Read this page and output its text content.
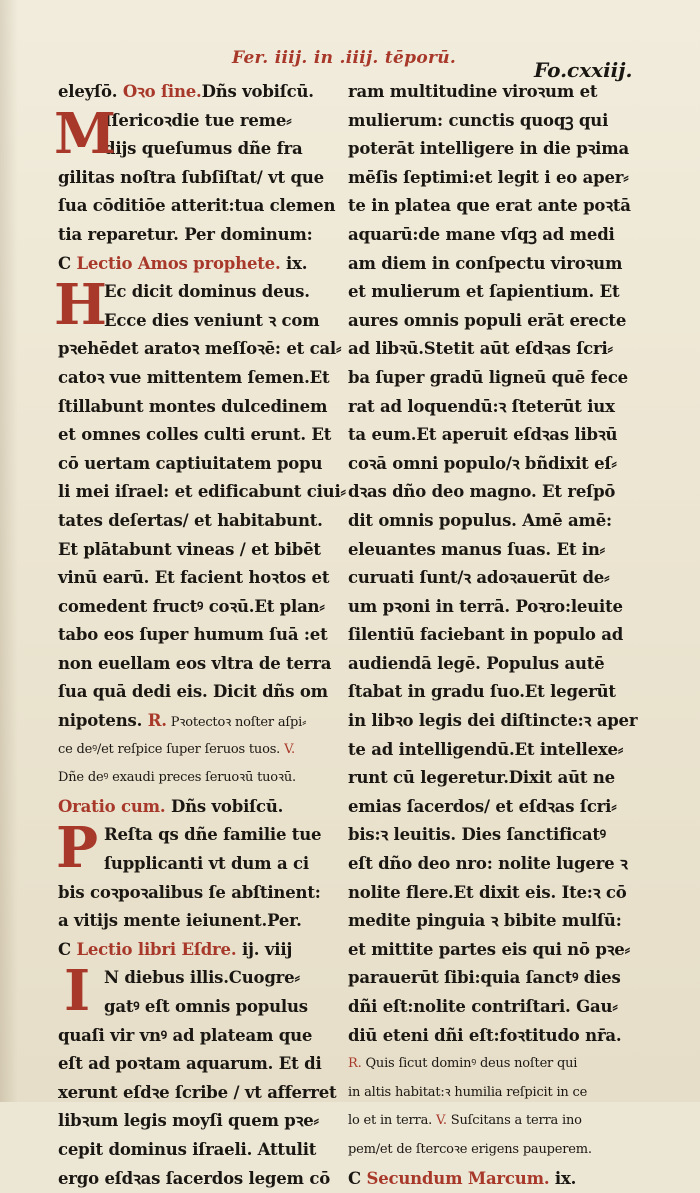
Fer. iiij. in .iiij. tēporū.	Fo.cxxiij.
eleyſō. Oꝛo ſine.Dñs vobiſcū.
M
Iſericoꝛdie tue reme⸗
dijs queſumus dñe fra
gilitas noſtra ſubſiſtat/ vt que
ſua cōditiōe atterit:tua clemen
tia reparetur. Per dominum:
C Lectio Amos prophete. ix.
H
Ec dicit dominus deus.
Ecce dies veniunt ꝛ com
pꝛehēdet aratoꝛ meſſoꝛē: et cal⸗
catoꝛ vue mittentem ſemen.Et
ſtillabunt montes dulcedinem
et omnes colles culti erunt. Et
cō uertam captiuitatem popu
li mei iſrael: et edificabunt ciui⸗
tates deſertas/ et habitabunt.
Et plātabunt vineas / et bibēt
vinū earū. Et facient hoꝛtos et
comedent fructꝰ coꝛū.Et plan⸗
tabo eos ſuper humum ſuā :et
non euellam eos vltra de terra
ſua quā dedi eis. Dicit dñs om
nipotens. R. Pꝛotectoꝛ noſter aſpi⸗
ce deꝰ/et reſpice ſuper ſeruos tuos. V.
Dñe deꝰ exaudi preces ſeruoꝛū tuoꝛū.
Oratio cum. Dñs vobiſcū.
P Reſta qs dñe familie tue
ſupplicanti vt dum a ci
bis coꝛpoꝛalibus ſe abſtinent:
a vitijs mente ieiunent.Per.
C Lectio libri Eſdre. ij. viij
I N diebus illis.Cuogre⸗
gatꝰ eſt omnis populus
quaſi vir vnꝰ ad plateam que
eſt ad poꝛtam aquarum. Et di
xerunt eſdꝛe ſcribe / vt afferret
libꝛum legis moyſi quem pꝛe⸗
cepit dominus iſraeli. Attulit
ergo eſdꝛas ſacerdos legem cō
ram multitudine viroꝛum et
mulierum: cunctis quoqꝫ qui
poterāt intelligere in die pꝛima
mēſis ſeptimi:et legit i eo aper⸗
te in platea que erat ante poꝛtā
aquarū:de mane vſqꝫ ad medi
am diem in conſpectu viroꝛum
et mulierum et ſapientium. Et
aures omnis populi erāt erecte
ad libꝛū.Stetit aūt eſdꝛas ſcri⸗
ba ſuper gradū ligneū quē fece
rat ad loquendū:ꝛ ſteterūt iux
ta eum.Et aperuit eſdꝛas libꝛū
coꝛā omni populo/ꝛ bñdixit eſ⸗
dꝛas dño deo magno. Et reſpō
dit omnis populus. Amē amē:
eleuantes manus ſuas. Et in⸗
curuati ſunt/ꝛ adoꝛauerūt de⸗
um pꝛoni in terrā. Poꝛro:leuite
ſilentiū faciebant in populo ad
audiendā legē. Populus autē
ſtabat in gradu ſuo.Et legerūt
in libꝛo legis dei diſtincte:ꝛ aper
te ad intelligendū.Et intellexe⸗
runt cū legeretur.Dixit aūt ne
emias ſacerdos/ et eſdꝛas ſcri⸗
bis:ꝛ leuitis. Dies ſanctificatꝰ
eſt dño deo nro: nolite lugere ꝛ
nolite flere.Et dixit eis. Ite:ꝛ cō
medite pinguia ꝛ bibite mulſū:
et mittite partes eis qui nō pꝛe⸗
parauerūt ſibi:quia ſanctꝰ dies
dñi eſt:nolite contriſtari. Gau⸗
diū eteni dñi eſt:foꝛtitudo nr̄a.
R. Quis ſicut dominꝰ deus noſter qui
in altis habitat:ꝛ humilia reſpicit in ce
lo et in terra. V. Suſcitans a terra ino
pem/et de ſtercoꝛe erigens pauperem.
C Secundum Marcum. ix.
